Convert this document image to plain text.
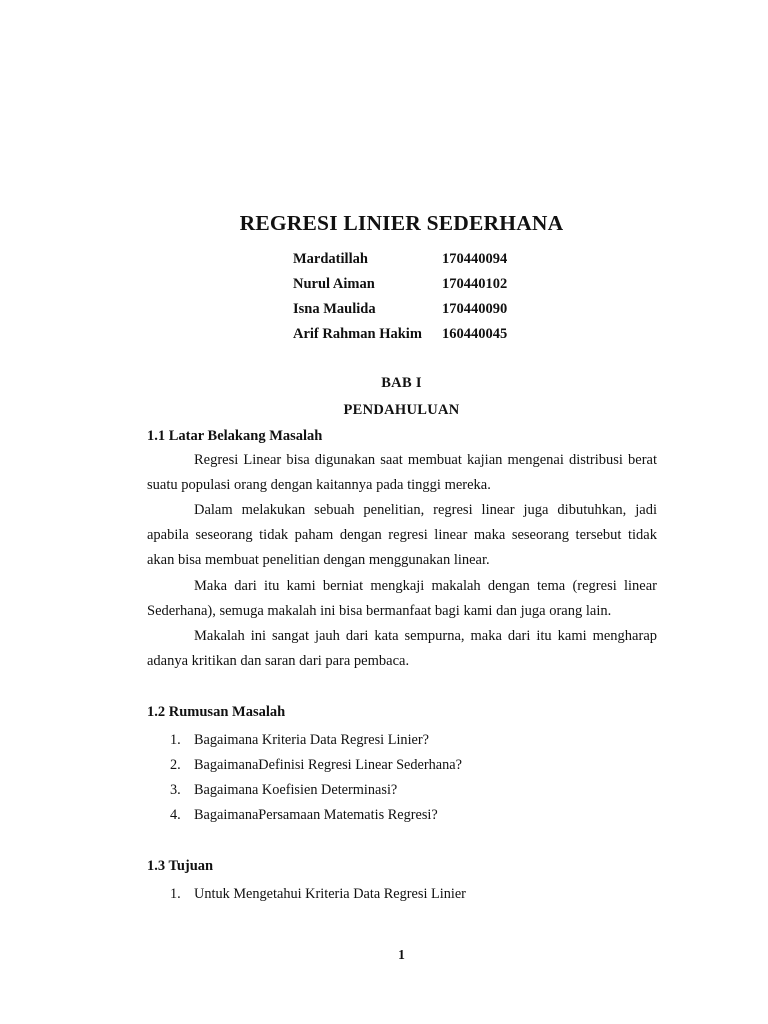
REGRESI LINIER SEDERHANA
Mardatillah	170440094
Nurul Aiman	170440102
Isna Maulida	170440090
Arif Rahman Hakim 160440045
BAB I
PENDAHULUAN
1.1 Latar Belakang Masalah
Regresi Linear bisa digunakan saat membuat kajian mengenai distribusi berat suatu populasi orang dengan kaitannya pada tinggi mereka.
Dalam melakukan sebuah penelitian, regresi linear juga dibutuhkan, jadi apabila seseorang tidak paham dengan regresi linear maka seseorang tersebut tidak akan bisa membuat penelitian dengan menggunakan linear.
Maka dari itu kami berniat mengkaji makalah dengan tema (regresi linear Sederhana), semuga makalah ini bisa bermanfaat bagi kami dan juga orang lain.
Makalah ini sangat jauh dari kata sempurna, maka dari itu kami mengharap adanya kritikan dan saran dari para pembaca.
1.2 Rumusan Masalah
1. Bagaimana Kriteria Data Regresi Linier?
2. BagaimanaDefinisi Regresi Linear Sederhana?
3. Bagaimana Koefisien Determinasi?
4. BagaimanaPersamaan Matematis Regresi?
1.3 Tujuan
1. Untuk Mengetahui Kriteria Data Regresi Linier
1
